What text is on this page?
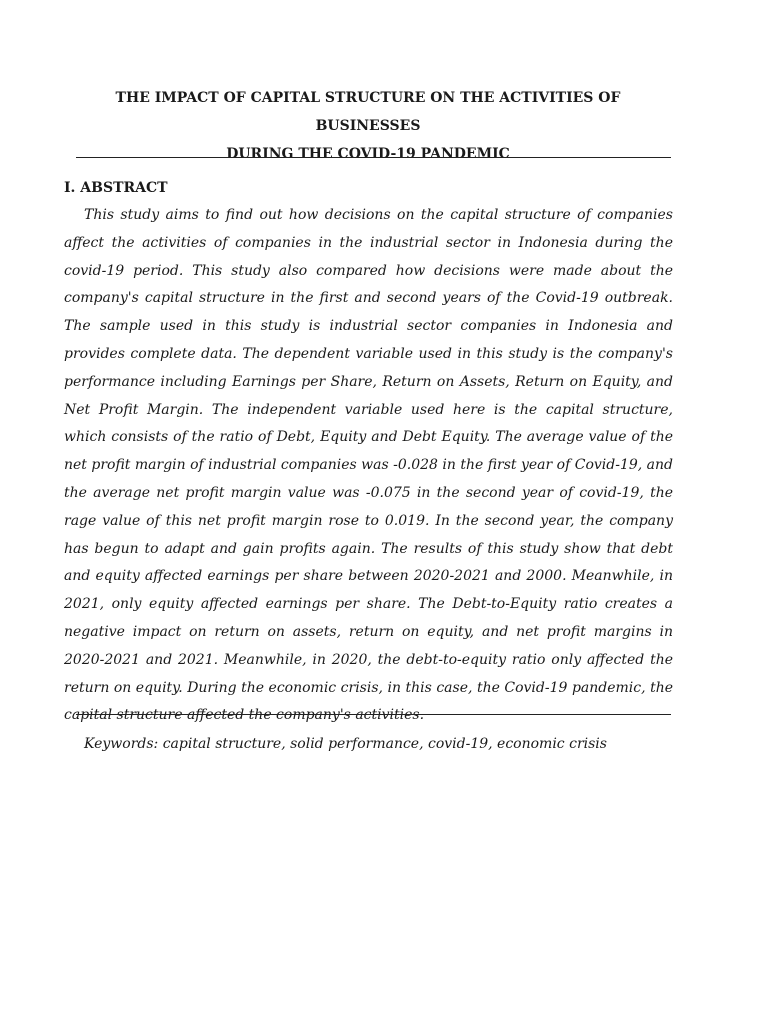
THE IMPACT OF CAPITAL STRUCTURE ON THE ACTIVITIES OF BUSINESSES
DURING THE COVID-19 PANDEMIC
I. ABSTRACT

This study aims to find out how decisions on the capital structure of companies affect the activities of companies in the industrial sector in Indonesia during the covid-19 period. This study also compared how decisions were made about the company's capital structure in the first and second years of the Covid-19 outbreak. The sample used in this study is industrial sector companies in Indonesia and provides complete data. The dependent variable used in this study is the company's performance including Earnings per Share, Return on Assets, Return on Equity, and Net Profit Margin. The independent variable used here is the capital structure, which consists of the ratio of Debt, Equity and Debt Equity. The average value of the net profit margin of industrial companies was -0.028 in the first year of Covid-19, and the average net profit margin value was -0.075 in the second year of covid-19, the rage value of this net profit margin rose to 0.019. In the second year, the company has begun to adapt and gain profits again. The results of this study show that debt and equity affected earnings per share between 2020-2021 and 2000. Meanwhile, in 2021, only equity affected earnings per share. The Debt-to-Equity ratio creates a negative impact on return on assets, return on equity, and net profit margins in 2020-2021 and 2021. Meanwhile, in 2020, the debt-to-equity ratio only affected the return on equity. During the economic crisis, in this case, the Covid-19 pandemic, the capital structure affected the company's activities.

Keywords: capital structure, solid performance, covid-19, economic crisis
